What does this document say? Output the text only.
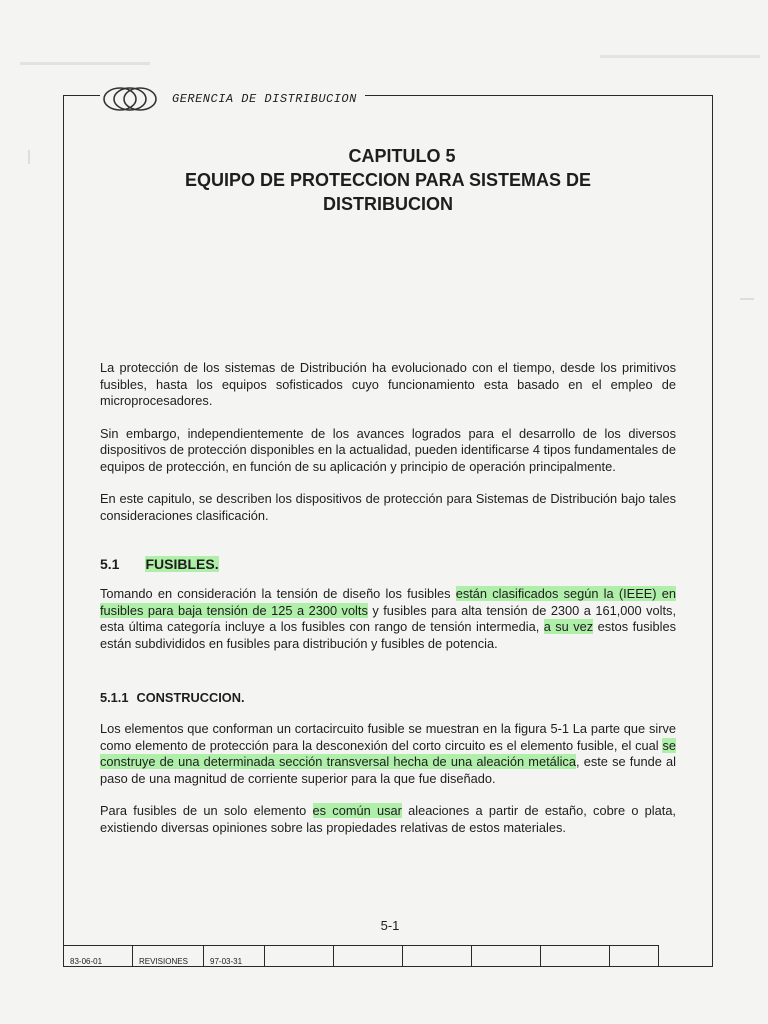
GERENCIA DE DISTRIBUCION
CAPITULO 5
EQUIPO DE PROTECCION PARA SISTEMAS DE
DISTRIBUCION

La protección de los sistemas de Distribución ha evolucionado con el tiempo, desde los primitivos fusibles, hasta los equipos sofisticados cuyo funcionamiento esta basado en el empleo de microprocesadores.

Sin embargo, independientemente de los avances logrados para el desarrollo de los diversos dispositivos de protección disponibles en la actualidad, pueden identificarse 4 tipos fundamentales de equipos de protección, en función de su aplicación y principio de operación principalmente.

En este capitulo, se describen los dispositivos de protección para Sistemas de Distribución bajo tales consideraciones clasificación.

5.1 FUSIBLES.

Tomando en consideración la tensión de diseño los fusibles están clasificados según la (IEEE) en fusibles para baja tensión de 125 a 2300 volts y fusibles para alta tensión de 2300 a 161,000 volts, esta última categoría incluye a los fusibles con rango de tensión intermedia, a su vez estos fusibles están subdivididos en fusibles para distribución y fusibles de potencia.

5.1.1 CONSTRUCCION.

Los elementos que conforman un cortacircuito fusible se muestran en la figura 5-1 La parte que sirve como elemento de protección para la desconexión del corto circuito es el elemento fusible, el cual se construye de una determinada sección transversal hecha de una aleación metálica, este se funde al paso de una magnitud de corriente superior para la que fue diseñado.

Para fusibles de un solo elemento es común usar aleaciones a partir de estaño, cobre o plata, existiendo diversas opiniones sobre las propiedades relativas de estos materiales.

5-1
83-06-01	REVISIONES	97-03-31						
